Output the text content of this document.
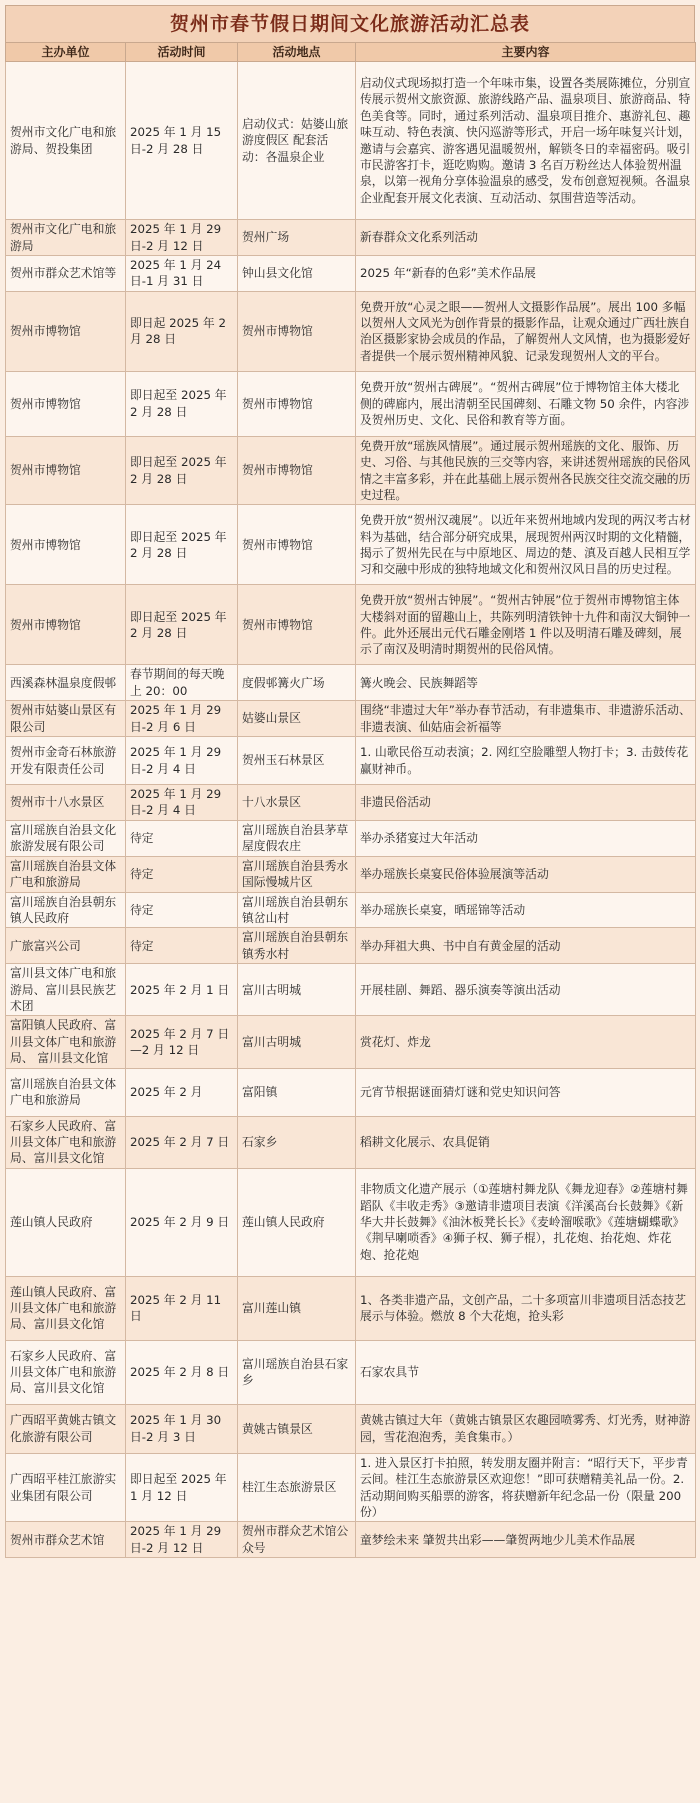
贺州市春节假日期间文化旅游活动汇总表
主办单位	活动时间	活动地点	主要内容
贺州市文化广电和旅游局、贺投集团	2025 年 1 月 15 日-2 月 28 日	启动仪式：姑婆山旅游度假区 配套活动：各温泉企业	启动仪式现场拟打造一个年味市集，设置各类展陈摊位，分别宣传展示贺州文旅资源、旅游线路产品、温泉项目、旅游商品、特色美食等。同时，通过系列活动、温泉项目推介、惠游礼包、趣味互动、特色表演、快闪巡游等形式，开启一场年味复兴计划，邀请与会嘉宾、游客遇见温暖贺州，解锁冬日的幸福密码。吸引市民游客打卡，逛吃购购。邀请 3 名百万粉丝达人体验贺州温泉，以第一视角分享体验温泉的感受，发布创意短视频。各温泉企业配套开展文化表演、互动活动、氛围营造等活动。
贺州市文化广电和旅游局	2025 年 1 月 29 日-2 月 12 日	贺州广场	新春群众文化系列活动
贺州市群众艺术馆等	2025 年 1 月 24 日-1 月 31 日	钟山县文化馆	2025 年“新春的色彩”美术作品展
贺州市博物馆	即日起 2025 年 2 月 28 日	贺州市博物馆	免费开放“心灵之眼——贺州人文摄影作品展”。展出 100 多幅以贺州人文风光为创作背景的摄影作品，让观众通过广西壮族自治区摄影家协会成员的作品，了解贺州人文风情，也为摄影爱好者提供一个展示贺州精神风貌、记录发现贺州人文的平台。
贺州市博物馆	即日起至 2025 年 2 月 28 日	贺州市博物馆	免费开放“贺州古碑展”。“贺州古碑展”位于博物馆主体大楼北侧的碑廊内，展出清朝至民国碑刻、石雕文物 50 余件，内容涉及贺州历史、文化、民俗和教育等方面。
贺州市博物馆	即日起至 2025 年 2 月 28 日	贺州市博物馆	免费开放“瑶族风情展”。通过展示贺州瑶族的文化、服饰、历史、习俗、与其他民族的三交等内容，来讲述贺州瑶族的民俗风情之丰富多彩，并在此基础上展示贺州各民族交往交流交融的历史过程。
贺州市博物馆	即日起至 2025 年 2 月 28 日	贺州市博物馆	免费开放“贺州汉魂展”。以近年来贺州地域内发现的两汉考古材料为基础，结合部分研究成果，展现贺州两汉时期的文化精髓，揭示了贺州先民在与中原地区、周边的楚、滇及百越人民相互学习和交融中形成的独特地域文化和贺州汉风日昌的历史过程。
贺州市博物馆	即日起至 2025 年 2 月 28 日	贺州市博物馆	免费开放“贺州古钟展”。“贺州古钟展”位于贺州市博物馆主体大楼斜对面的留趣山上，共陈列明清铁钟十九件和南汉大铜钟一件。此外还展出元代石雕金刚塔 1 件以及明清石雕及碑刻，展示了南汉及明清时期贺州的民俗风情。
西溪森林温泉度假邨	春节期间的每天晚上 20：00	度假邨篝火广场	篝火晚会、民族舞蹈等
贺州市姑婆山景区有限公司	2025 年 1 月 29 日-2 月 6 日	姑婆山景区	围绕“非遗过大年”举办春节活动，有非遗集市、非遗游乐活动、非遗表演、仙姑庙会祈福等
贺州市金奇石林旅游开发有限责任公司	2025 年 1 月 29 日-2 月 4 日	贺州玉石林景区	1. 山歌民俗互动表演；2. 网红空脸雕塑人物打卡；3. 击鼓传花赢财神币。
贺州市十八水景区	2025 年 1 月 29 日-2 月 4 日	十八水景区	非遗民俗活动
富川瑶族自治县文化旅游发展有限公司	待定	富川瑶族自治县茅草屋度假农庄	举办杀猪宴过大年活动
富川瑶族自治县文体广电和旅游局	待定	富川瑶族自治县秀水国际慢城片区	举办瑶族长桌宴民俗体验展演等活动
富川瑶族自治县朝东镇人民政府	待定	富川瑶族自治县朝东镇岔山村	举办瑶族长桌宴，晒瑶锦等活动
广旅富兴公司	待定	富川瑶族自治县朝东镇秀水村	举办拜祖大典、书中自有黄金屋的活动
富川县文体广电和旅游局、富川县民族艺术团	2025 年 2 月 1 日	富川古明城	开展桂剧、舞蹈、器乐演奏等演出活动
富阳镇人民政府、富川县文体广电和旅游局、 富川县文化馆	2025 年 2 月 7 日—2 月 12 日	富川古明城	赏花灯、炸龙
富川瑶族自治县文体广电和旅游局	2025 年 2 月	富阳镇	元宵节根据谜面猜灯谜和党史知识问答
石家乡人民政府、富川县文体广电和旅游局、富川县文化馆	2025 年 2 月 7 日	石家乡	稻耕文化展示、农具促销
莲山镇人民政府	2025 年 2 月 9 日	莲山镇人民政府	非物质文化遗产展示（①莲塘村舞龙队《舞龙迎春》②莲塘村舞蹈队《丰收走秀》③邀请非遗项目表演《洋溪高台长鼓舞》《新华大井长鼓舞》《油沐板凳长长》《麦岭溜喉歌》《莲塘蝴蝶歌》《荆早喇唢香》④狮子权、狮子棍），扎花炮、抬花炮、炸花炮、抢花炮
莲山镇人民政府、富川县文体广电和旅游局、富川县文化馆	2025 年 2 月 11 日	富川莲山镇	1、各类非遗产品，文创产品，二十多项富川非遗项目活态技艺展示与体验。燃放 8 个大花炮，抢头彩
石家乡人民政府、富川县文体广电和旅游局、富川县文化馆	2025 年 2 月 8 日	富川瑶族自治县石家乡	石家农具节
广西昭平黄姚古镇文化旅游有限公司	2025 年 1 月 30 日-2 月 3 日	黄姚古镇景区	黄姚古镇过大年（黄姚古镇景区农趣园喷雾秀、灯光秀，财神游园，雪花泡泡秀，美食集市。）
广西昭平桂江旅游实业集团有限公司	即日起至 2025 年 1 月 12 日	桂江生态旅游景区	1. 进入景区打卡拍照，转发朋友圈并附言：“昭行天下，平步青云间。桂江生态旅游景区欢迎您！”即可获赠精美礼品一份。2. 活动期间购买船票的游客，将获赠新年纪念品一份（限量 200 份）
贺州市群众艺术馆	2025 年 1 月 29 日-2 月 12 日	贺州市群众艺术馆公众号	童梦绘未来 肇贺共出彩——肇贺两地少儿美术作品展
